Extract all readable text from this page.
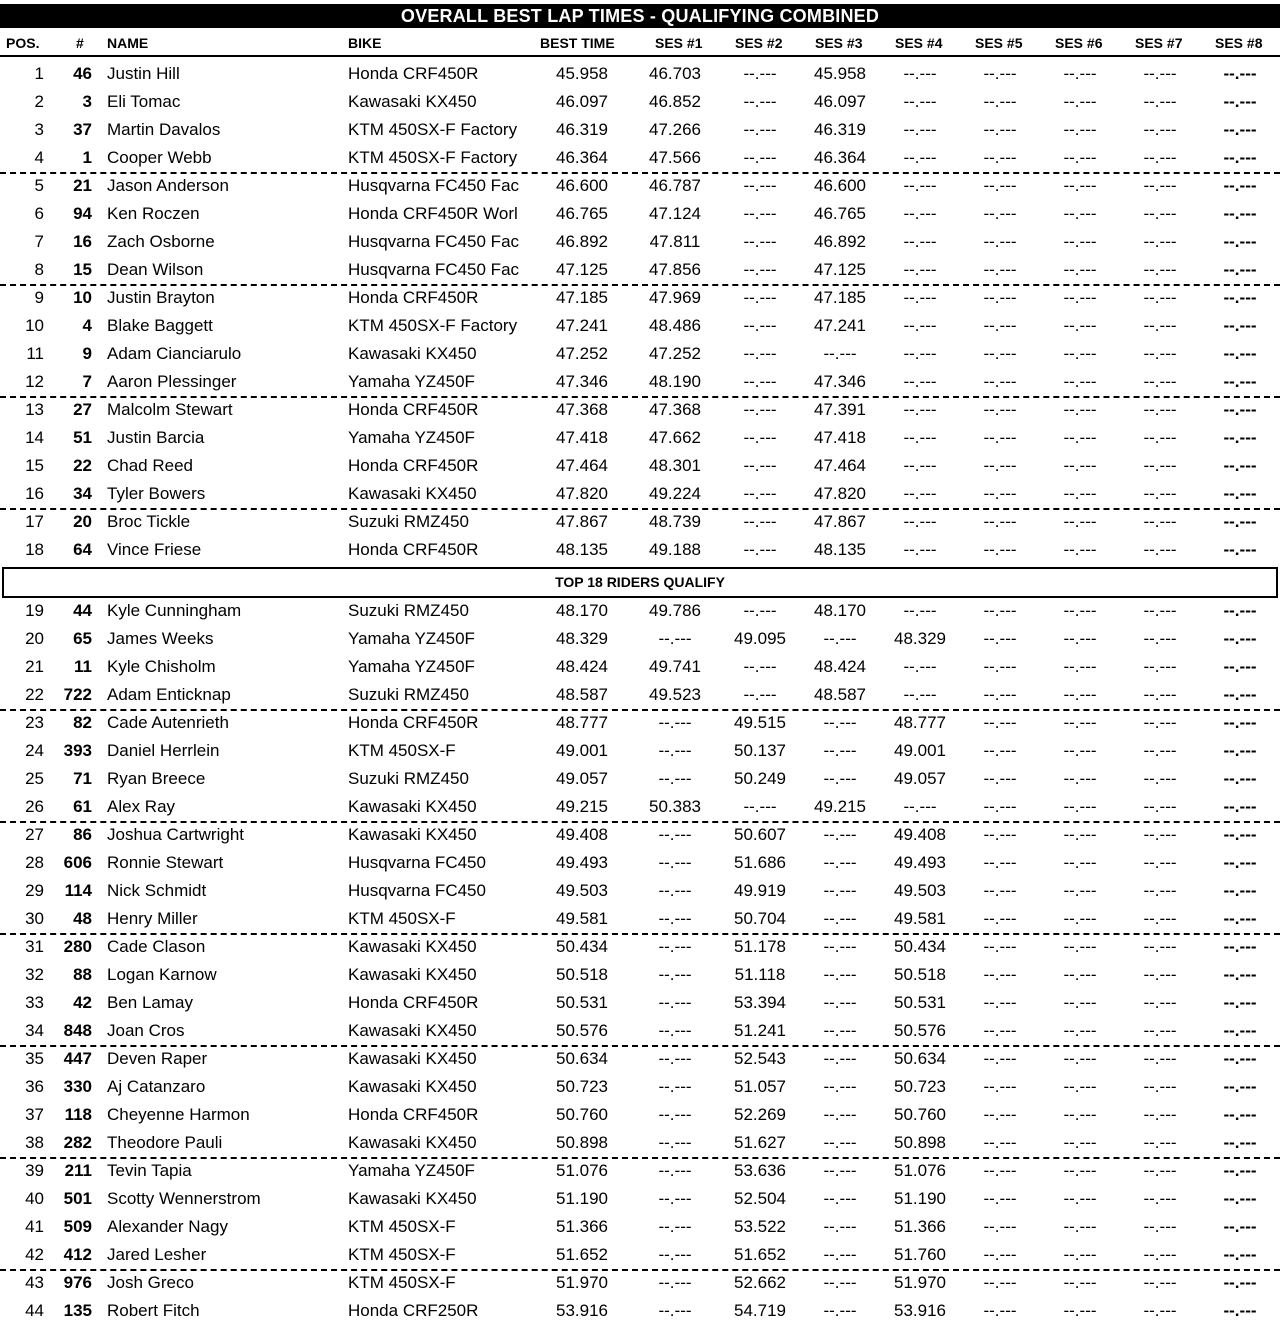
OVERALL BEST LAP TIMES - QUALIFYING COMBINED
POS.	# NAME	BIKE	BEST TIME	SES #1 SES #2 SES #3 SES #4 SES #5 SES #6 SES #7 SES #8
1	46 Justin Hill	Honda CRF450R	45.958	46.703	--.---	45.958	--.---	--.---	--.---	--.---	--.---
2	3 Eli Tomac	Kawasaki KX450	46.097	46.852	--.---	46.097	--.---	--.---	--.---	--.---	--.---
3	37 Martin Davalos	KTM 450SX-F Factory	46.319	47.266	--.---	46.319	--.---	--.---	--.---	--.---	--.---
4	1 Cooper Webb	KTM 450SX-F Factory	46.364	47.566	--.---	46.364	--.---	--.---	--.---	--.---	--.---
5	21 Jason Anderson	Husqvarna FC450 Fac	46.600	46.787	--.---	46.600	--.---	--.---	--.---	--.---	--.---
6	94 Ken Roczen	Honda CRF450R Worl	46.765	47.124	--.---	46.765	--.---	--.---	--.---	--.---	--.---
7	16 Zach Osborne	Husqvarna FC450 Fac	46.892	47.811	--.---	46.892	--.---	--.---	--.---	--.---	--.---
8	15 Dean Wilson	Husqvarna FC450 Fac	47.125	47.856	--.---	47.125	--.---	--.---	--.---	--.---	--.---
9	10 Justin Brayton	Honda CRF450R	47.185	47.969	--.---	47.185	--.---	--.---	--.---	--.---	--.---
10	4 Blake Baggett	KTM 450SX-F Factory	47.241	48.486	--.---	47.241	--.---	--.---	--.---	--.---	--.---
11	9 Adam Cianciarulo	Kawasaki KX450	47.252	47.252	--.---	--.---	--.---	--.---	--.---	--.---	--.---
12	7 Aaron Plessinger	Yamaha YZ450F	47.346	48.190	--.---	47.346	--.---	--.---	--.---	--.---	--.---
13	27 Malcolm Stewart	Honda CRF450R	47.368	47.368	--.---	47.391	--.---	--.---	--.---	--.---	--.---
14	51 Justin Barcia	Yamaha YZ450F	47.418	47.662	--.---	47.418	--.---	--.---	--.---	--.---	--.---
15	22 Chad Reed	Honda CRF450R	47.464	48.301	--.---	47.464	--.---	--.---	--.---	--.---	--.---
16	34 Tyler Bowers	Kawasaki KX450	47.820	49.224	--.---	47.820	--.---	--.---	--.---	--.---	--.---
17	20 Broc Tickle	Suzuki RMZ450	47.867	48.739	--.---	47.867	--.---	--.---	--.---	--.---	--.---
18	64 Vince Friese	Honda CRF450R	48.135	49.188	--.---	48.135	--.---	--.---	--.---	--.---	--.---
19	44 Kyle Cunningham	Suzuki RMZ450	48.170	49.786	--.---	48.170	--.---	--.---	--.---	--.---	--.---
20	65 James Weeks	Yamaha YZ450F	48.329	--.---	49.095	--.---	48.329	--.---	--.---	--.---	--.---
21	11 Kyle Chisholm	Yamaha YZ450F	48.424	49.741	--.---	48.424	--.---	--.---	--.---	--.---	--.---
22	722 Adam Enticknap	Suzuki RMZ450	48.587	49.523	--.---	48.587	--.---	--.---	--.---	--.---	--.---
23	82 Cade Autenrieth	Honda CRF450R	48.777	--.---	49.515	--.---	48.777	--.---	--.---	--.---	--.---
24	393 Daniel Herrlein	KTM 450SX-F	49.001	--.---	50.137	--.---	49.001	--.---	--.---	--.---	--.---
25	71 Ryan Breece	Suzuki RMZ450	49.057	--.---	50.249	--.---	49.057	--.---	--.---	--.---	--.---
26	61 Alex Ray	Kawasaki KX450	49.215	50.383	--.---	49.215	--.---	--.---	--.---	--.---	--.---
27	86 Joshua Cartwright	Kawasaki KX450	49.408	--.---	50.607	--.---	49.408	--.---	--.---	--.---	--.---
28	606 Ronnie Stewart	Husqvarna FC450	49.493	--.---	51.686	--.---	49.493	--.---	--.---	--.---	--.---
29	114 Nick Schmidt	Husqvarna FC450	49.503	--.---	49.919	--.---	49.503	--.---	--.---	--.---	--.---
30	48 Henry Miller	KTM 450SX-F	49.581	--.---	50.704	--.---	49.581	--.---	--.---	--.---	--.---
31	280 Cade Clason	Kawasaki KX450	50.434	--.---	51.178	--.---	50.434	--.---	--.---	--.---	--.---
32	88 Logan Karnow	Kawasaki KX450	50.518	--.---	51.118	--.---	50.518	--.---	--.---	--.---	--.---
33	42 Ben Lamay	Honda CRF450R	50.531	--.---	53.394	--.---	50.531	--.---	--.---	--.---	--.---
34	848 Joan Cros	Kawasaki KX450	50.576	--.---	51.241	--.---	50.576	--.---	--.---	--.---	--.---
35	447 Deven Raper	Kawasaki KX450	50.634	--.---	52.543	--.---	50.634	--.---	--.---	--.---	--.---
36	330 Aj Catanzaro	Kawasaki KX450	50.723	--.---	51.057	--.---	50.723	--.---	--.---	--.---	--.---
37	118 Cheyenne Harmon	Honda CRF450R	50.760	--.---	52.269	--.---	50.760	--.---	--.---	--.---	--.---
38	282 Theodore Pauli	Kawasaki KX450	50.898	--.---	51.627	--.---	50.898	--.---	--.---	--.---	--.---
39	211 Tevin Tapia	Yamaha YZ450F	51.076	--.---	53.636	--.---	51.076	--.---	--.---	--.---	--.---
40	501 Scotty Wennerstrom	Kawasaki KX450	51.190	--.---	52.504	--.---	51.190	--.---	--.---	--.---	--.---
41	509 Alexander Nagy	KTM 450SX-F	51.366	--.---	53.522	--.---	51.366	--.---	--.---	--.---	--.---
42	412 Jared Lesher	KTM 450SX-F	51.652	--.---	51.652	--.---	51.760	--.---	--.---	--.---	--.---
43	976 Josh Greco	KTM 450SX-F	51.970	--.---	52.662	--.---	51.970	--.---	--.---	--.---	--.---
44	135 Robert Fitch	Honda CRF250R	53.916	--.---	54.719	--.---	53.916	--.---	--.---	--.---	--.---
TOP 18 RIDERS QUALIFY
